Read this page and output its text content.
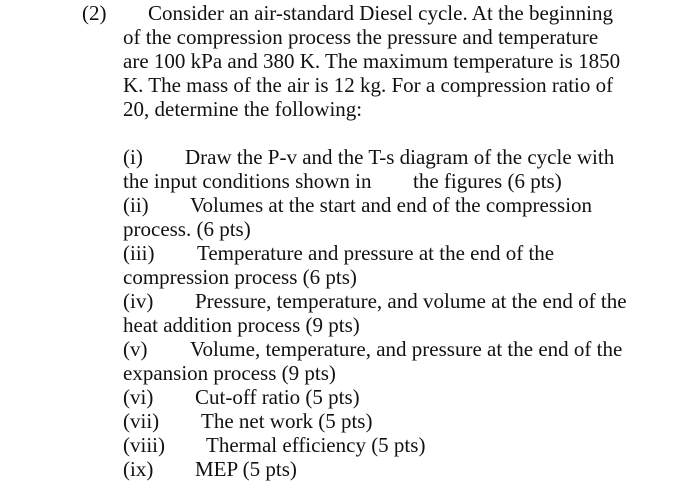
(2)	Consider an air-standard Diesel cycle. At the beginning
of the compression process the pressure and temperature
are 100 kPa and 380 K. The maximum temperature is 1850
K. The mass of the air is 12 kg. For a compression ratio of
20, determine the following:
(i) Draw the P-v and the T-s diagram of the cycle with
the input conditions shown in the figures (6 pts)
(ii) Volumes at the start and end of the compression
process. (6 pts)
(iii) Temperature and pressure at the end of the
compression process (6 pts)
(iv) Pressure, temperature, and volume at the end of the
heat addition process (9 pts)
(v) Volume, temperature, and pressure at the end of the
expansion process (9 pts)
(vi) Cut-off ratio (5 pts)
(vii) The net work (5 pts)
(viii) Thermal efficiency (5 pts)
(ix) MEP (5 pts)
